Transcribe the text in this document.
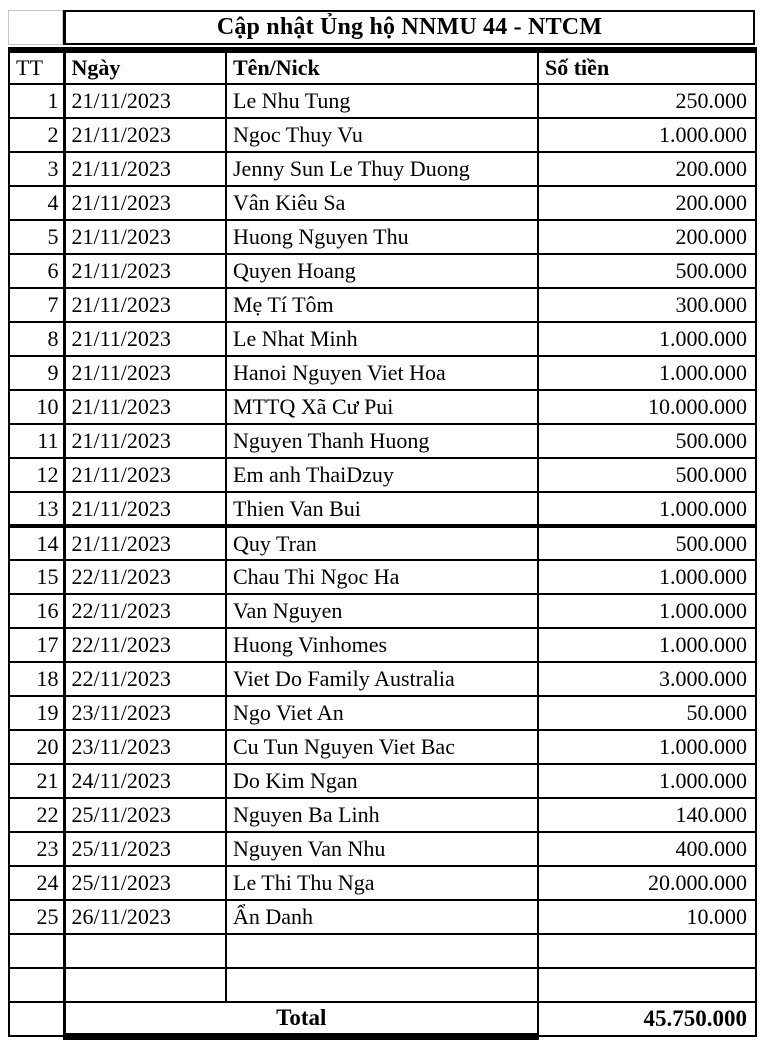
Cập nhật Ủng hộ NNMU 44 - NTCM
TT	Ngày	Tên/Nick	Số tiền
1	21/11/2023	Le Nhu Tung	250.000
2	21/11/2023	Ngoc Thuy Vu	1.000.000
3	21/11/2023	Jenny Sun Le Thuy Duong	200.000
4	21/11/2023	Vân Kiêu Sa	200.000
5	21/11/2023	Huong Nguyen Thu	200.000
6	21/11/2023	Quyen Hoang	500.000
7	21/11/2023	Mẹ Tí Tôm	300.000
8	21/11/2023	Le Nhat Minh	1.000.000
9	21/11/2023	Hanoi Nguyen Viet Hoa	1.000.000
10	21/11/2023	MTTQ Xã Cư Pui	10.000.000
11	21/11/2023	Nguyen Thanh Huong	500.000
12	21/11/2023	Em anh ThaiDzuy	500.000
13	21/11/2023	Thien Van Bui	1.000.000
14	21/11/2023	Quy Tran	500.000
15	22/11/2023	Chau Thi Ngoc Ha	1.000.000
16	22/11/2023	Van Nguyen	1.000.000
17	22/11/2023	Huong Vinhomes	1.000.000
18	22/11/2023	Viet Do Family Australia	3.000.000
19	23/11/2023	Ngo Viet An	50.000
20	23/11/2023	Cu Tun Nguyen Viet Bac	1.000.000
21	24/11/2023	Do Kim Ngan	1.000.000
22	25/11/2023	Nguyen Ba Linh	140.000
23	25/11/2023	Nguyen Van Nhu	400.000
24	25/11/2023	Le Thi Thu Nga	20.000.000
25	26/11/2023	Ẩn Danh	10.000

	Total		45.750.000
